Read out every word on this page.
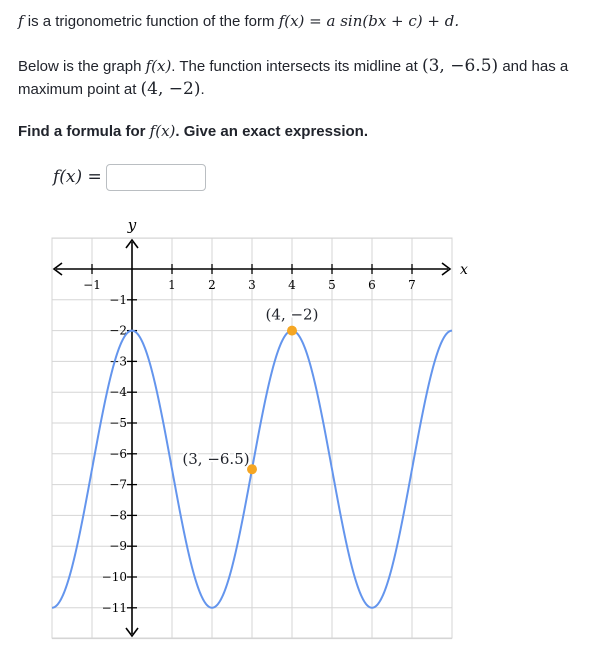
f is a trigonometric function of the form f(x) = a sin(bx + c) + d.
Below is the graph f(x). The function intersects its midline at (3, −6.5) and has a maximum point at (4, −2).
Find a formula for f(x). Give an exact expression.
f(x) =
x
y
−1	1	2	3	4	5	6	7
−1
−2
−3
−4
−5
−6
−7
−8
−9
−10
−11
(3, −6.5)
(4, −2)
